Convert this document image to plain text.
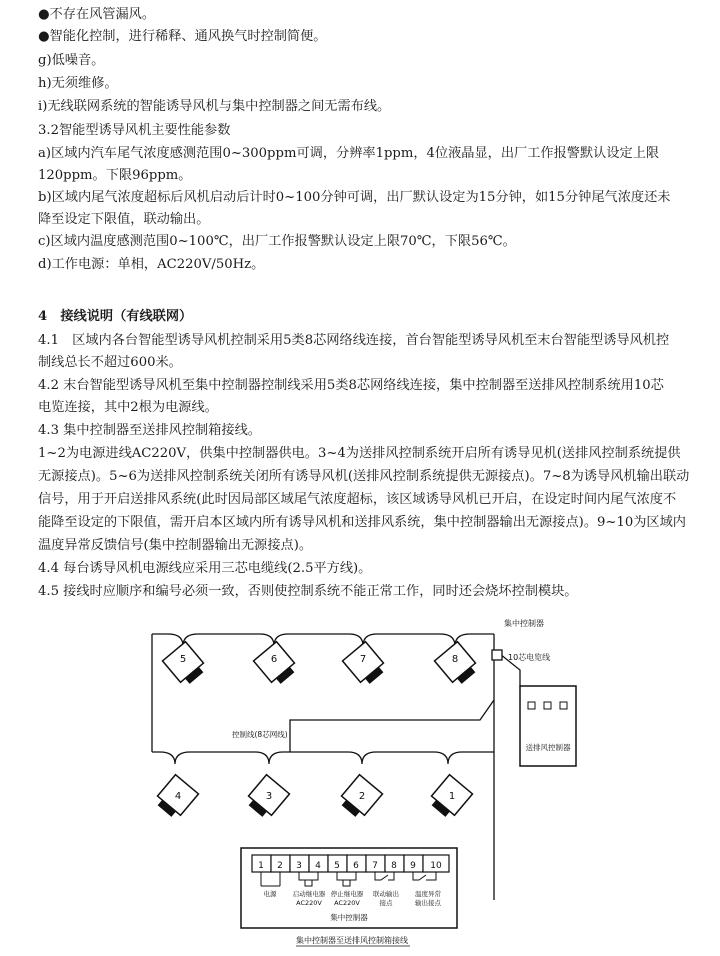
●不存在风管漏风。
●智能化控制，进行稀释、通风换气时控制简便。
g)低噪音。
h)无须维修。
i)无线联网系统的智能诱导风机与集中控制器之间无需布线。
3.2智能型诱导风机主要性能参数
a)区域内汽车尾气浓度感测范围0~300ppm可调，分辨率1ppm，4位液晶显，出厂工作报警默认设定上限
120ppm。下限96ppm。
b)区域内尾气浓度超标后风机启动后计时0~100分钟可调，出厂默认设定为15分钟，如15分钟尾气浓度还未
降至设定下限值，联动输出。
c)区域内温度感测范围0~100℃，出厂工作报警默认设定上限70℃，下限56℃。
d)工作电源：单相，AC220V/50Hz。
4　接线说明（有线联网）
4.1　区域内各台智能型诱导风机控制采用5类8芯网络线连接，首台智能型诱导风机至末台智能型诱导风机控
制线总长不超过600米。
4.2 末台智能型诱导风机至集中控制器控制线采用5类8芯网络线连接，集中控制器至送排风控制系统用10芯
电览连接，其中2根为电源线。
4.3 集中控制器至送排风控制箱接线。
1~2为电源进线AC220V，供集中控制器供电。3~4为送排风控制系统开启所有诱导见机(送排风控制系统提供
无源接点)。5~6为送排风控制系统关闭所有诱导风机(送排风控制系统提供无源接点)。7~8为诱导风机输出联动
信号，用于开启送排风系统(此时因局部区域尾气浓度超标，该区域诱导风机已开启，在设定时间内尾气浓度不
能降至设定的下限值，需开启本区域内所有诱导风机和送排风系统，集中控制器输出无源接点)。9~10为区域内
温度异常反馈信号(集中控制器输出无源接点)。
4.4 每台诱导风机电源线应采用三芯电缆线(2.5平方线)。
4.5 接线时应顺序和编号必须一致，否则使控制系统不能正常工作，同时还会烧坏控制模块。
5	6	7	8
4	3	2	1
集中控制器
10芯电览线
控制线(8芯网线)
送排风控制器
1 2 3 4 5 6 7 8 9 10
电源	启动继电器
AC220V
停止继电器
AC220V
联动输出
接点
温度异常
输出接点
集中控制器
集中控制器至送排风控制箱接线
